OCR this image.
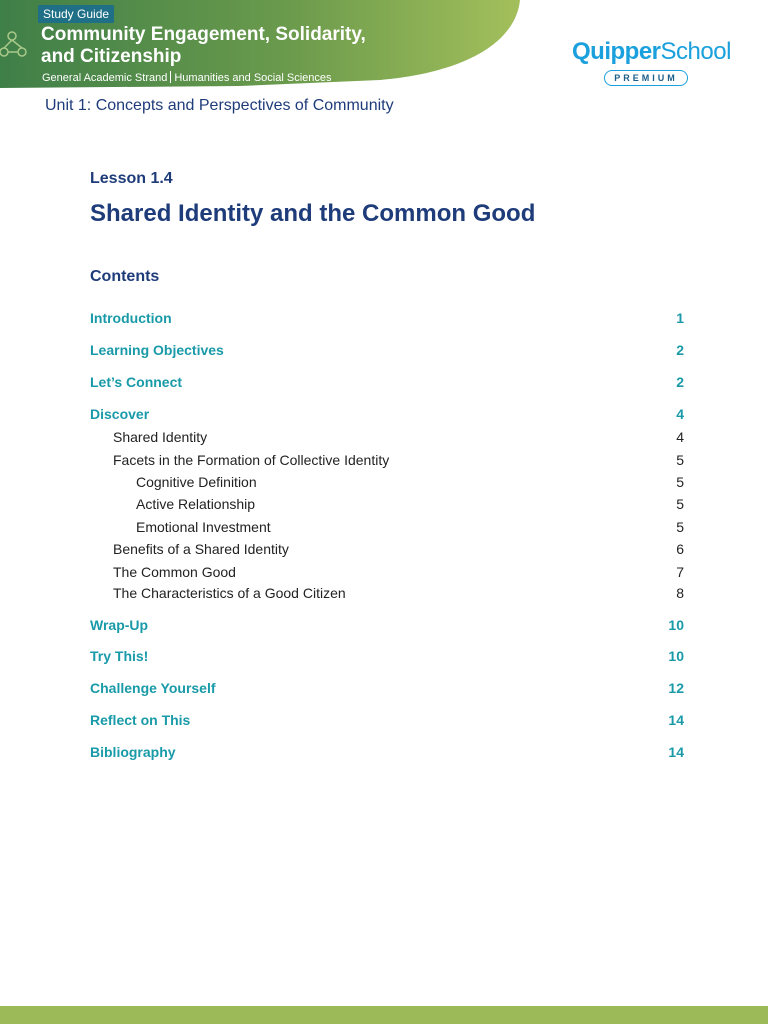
Study Guide
Community Engagement, Solidarity,
and Citizenship
General Academic Strand Humanities and Social Sciences
QuipperSchool
PREMIUM
Unit 1: Concepts and Perspectives of Community
Lesson 1.4
Shared Identity and the Common Good
Contents
Introduction	1
Learning Objectives	2
Let’s Connect	2
Discover	4
Shared Identity	4
Facets in the Formation of Collective Identity	5
Cognitive Definition	5
Active Relationship	5
Emotional Investment	5
Benefits of a Shared Identity	6
The Common Good	7
The Characteristics of a Good Citizen	8
Wrap-Up	10
Try This!	10
Challenge Yourself	12
Reflect on This	14
Bibliography	14
